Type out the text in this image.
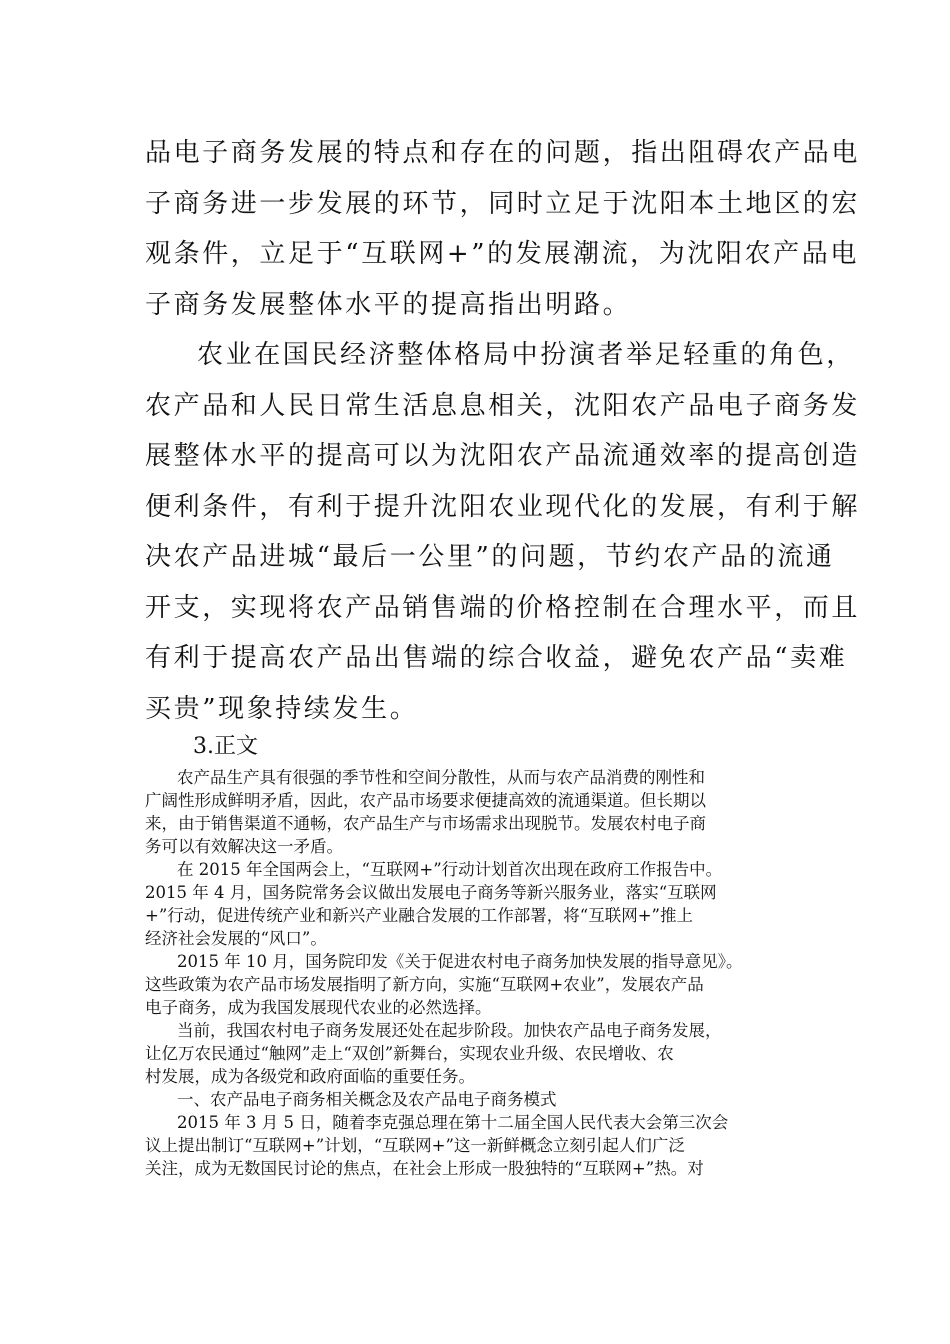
品电子商务发展的特点和存在的问题，指出阻碍农产品电
子商务进一步发展的环节，同时立足于沈阳本土地区的宏
观条件，立足于“互联网+”的发展潮流，为沈阳农产品电
子商务发展整体水平的提高指出明路。
农业在国民经济整体格局中扮演者举足轻重的角色，
农产品和人民日常生活息息相关，沈阳农产品电子商务发
展整体水平的提高可以为沈阳农产品流通效率的提高创造
便利条件，有利于提升沈阳农业现代化的发展，有利于解
决农产品进城“最后一公里”的问题，节约农产品的流通
开支，实现将农产品销售端的价格控制在合理水平，而且
有利于提高农产品出售端的综合收益，避免农产品“卖难
买贵”现象持续发生。
3.正文
农产品生产具有很强的季节性和空间分散性，从而与农产品消费的刚性和
广阔性形成鲜明矛盾，因此，农产品市场要求便捷高效的流通渠道。但长期以
来，由于销售渠道不通畅，农产品生产与市场需求出现脱节。发展农村电子商
务可以有效解决这一矛盾。
在 2015 年全国两会上，“互联网+”行动计划首次出现在政府工作报告中。
2015 年 4 月，国务院常务会议做出发展电子商务等新兴服务业，落实“互联网
+”行动，促进传统产业和新兴产业融合发展的工作部署，将“互联网+”推上
经济社会发展的“风口”。
2015 年 10 月，国务院印发《关于促进农村电子商务加快发展的指导意见》。
这些政策为农产品市场发展指明了新方向，实施“互联网+农业”，发展农产品
电子商务，成为我国发展现代农业的必然选择。
当前，我国农村电子商务发展还处在起步阶段。加快农产品电子商务发展，
让亿万农民通过“触网”走上“双创”新舞台，实现农业升级、农民增收、农
村发展，成为各级党和政府面临的重要任务。
一、农产品电子商务相关概念及农产品电子商务模式
2015 年 3 月 5 日，随着李克强总理在第十二届全国人民代表大会第三次会
议上提出制订“互联网+”计划，“互联网+”这一新鲜概念立刻引起人们广泛
关注，成为无数国民讨论的焦点，在社会上形成一股独特的“互联网+”热。对
